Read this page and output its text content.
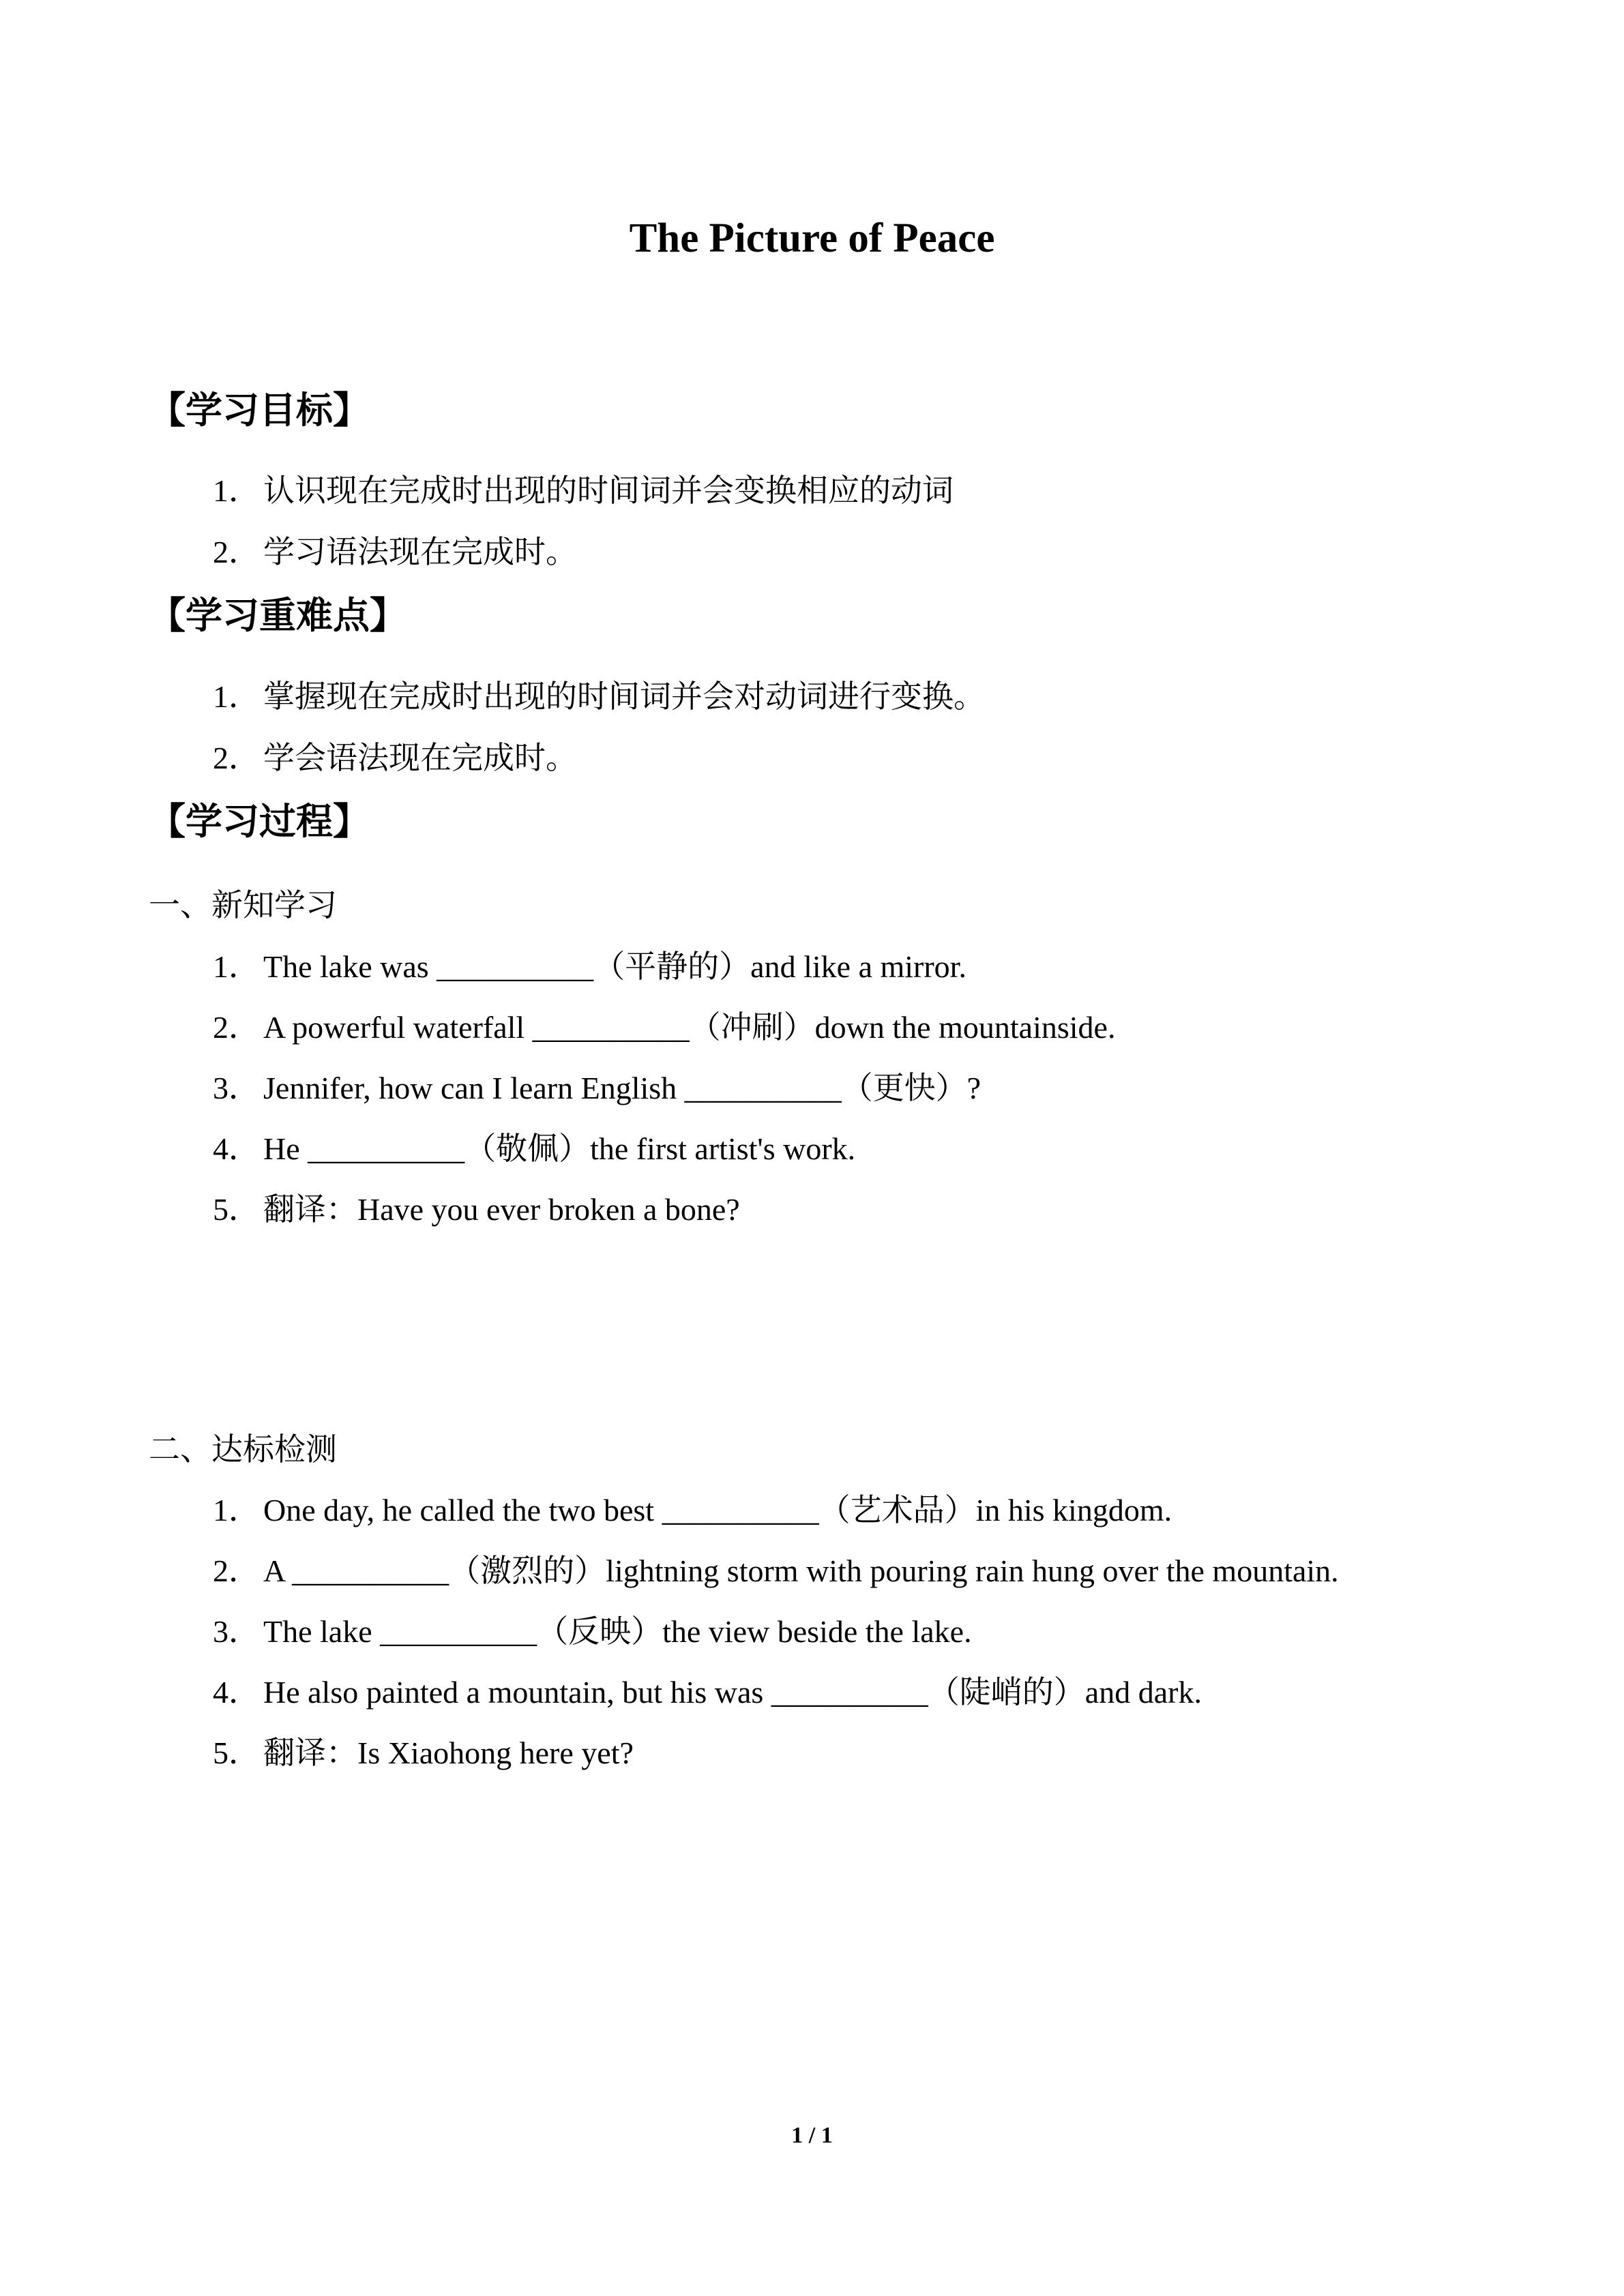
The Picture of Peace
【学习目标】
1． 认识现在完成时出现的时间词并会变换相应的动词
2． 学习语法现在完成时。
【学习重难点】
1． 掌握现在完成时出现的时间词并会对动词进行变换。
2． 学会语法现在完成时。
【学习过程】
一、新知学习
1． The lake was __________（平静的）and like a mirror.
2． A powerful waterfall __________（冲刷）down the mountainside.
3． Jennifer, how can I learn English __________（更快）?
4． He __________（敬佩）the first artist's work.
5． 翻译：Have you ever broken a bone?
二、达标检测
1． One day, he called the two best __________（艺术品）in his kingdom.
2． A __________（激烈的）lightning storm with pouring rain hung over the mountain.
3． The lake __________（反映）the view beside the lake.
4． He also painted a mountain, but his was __________（陡峭的）and dark.
5． 翻译：Is Xiaohong here yet?
1 / 1
